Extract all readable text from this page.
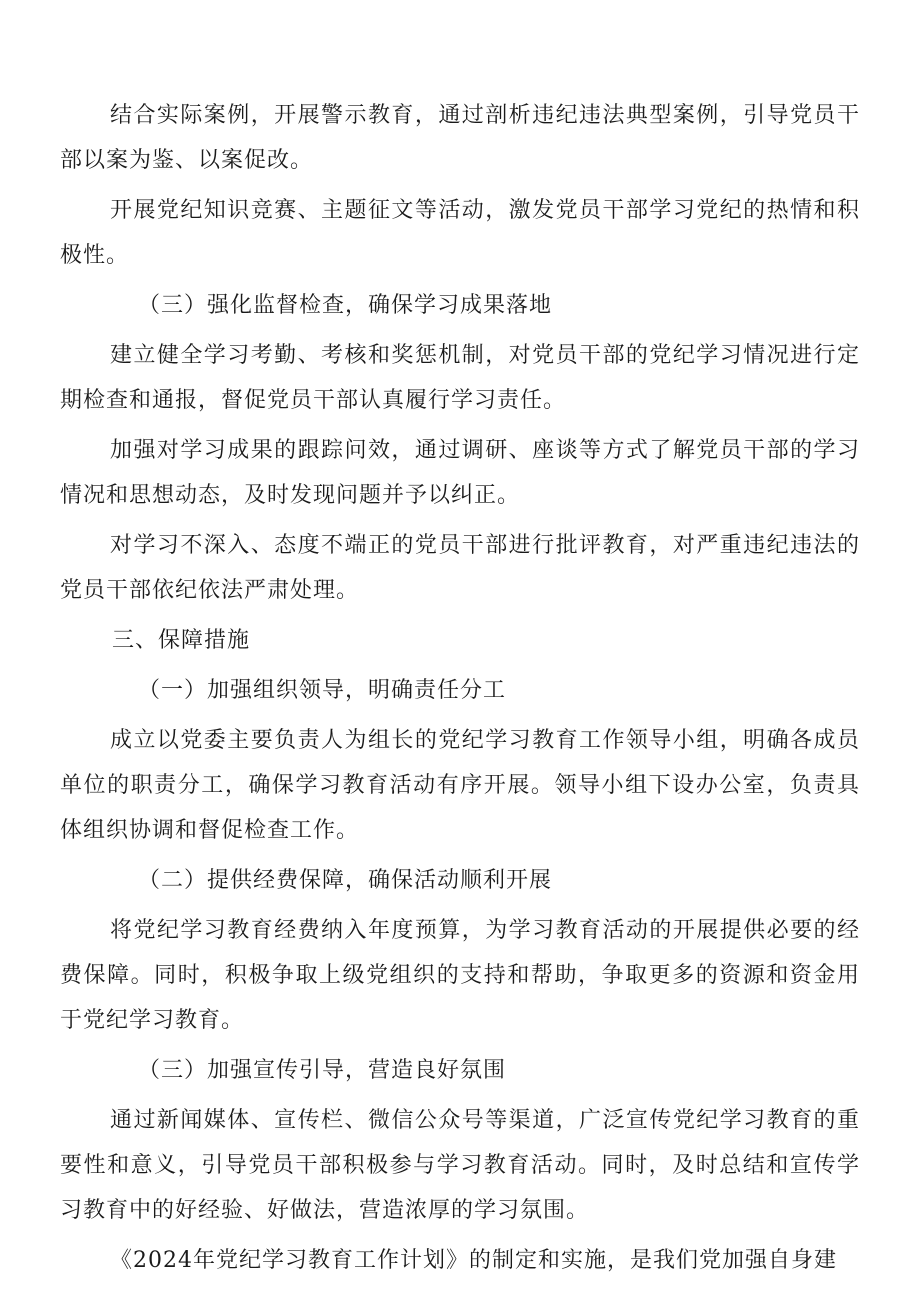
结合实际案例，开展警示教育，通过剖析违纪违法典型案例，引导党员干部以案为鉴、以案促改。

开展党纪知识竞赛、主题征文等活动，激发党员干部学习党纪的热情和积极性。

（三）强化监督检查，确保学习成果落地

建立健全学习考勤、考核和奖惩机制，对党员干部的党纪学习情况进行定期检查和通报，督促党员干部认真履行学习责任。

加强对学习成果的跟踪问效，通过调研、座谈等方式了解党员干部的学习情况和思想动态，及时发现问题并予以纠正。

对学习不深入、态度不端正的党员干部进行批评教育，对严重违纪违法的党员干部依纪依法严肃处理。

三、保障措施

（一）加强组织领导，明确责任分工

成立以党委主要负责人为组长的党纪学习教育工作领导小组，明确各成员单位的职责分工，确保学习教育活动有序开展。领导小组下设办公室，负责具体组织协调和督促检查工作。

（二）提供经费保障，确保活动顺利开展

将党纪学习教育经费纳入年度预算，为学习教育活动的开展提供必要的经费保障。同时，积极争取上级党组织的支持和帮助，争取更多的资源和资金用于党纪学习教育。

（三）加强宣传引导，营造良好氛围

通过新闻媒体、宣传栏、微信公众号等渠道，广泛宣传党纪学习教育的重要性和意义，引导党员干部积极参与学习教育活动。同时，及时总结和宣传学习教育中的好经验、好做法，营造浓厚的学习氛围。

《2024年党纪学习教育工作计划》的制定和实施，是我们党加强自身建
